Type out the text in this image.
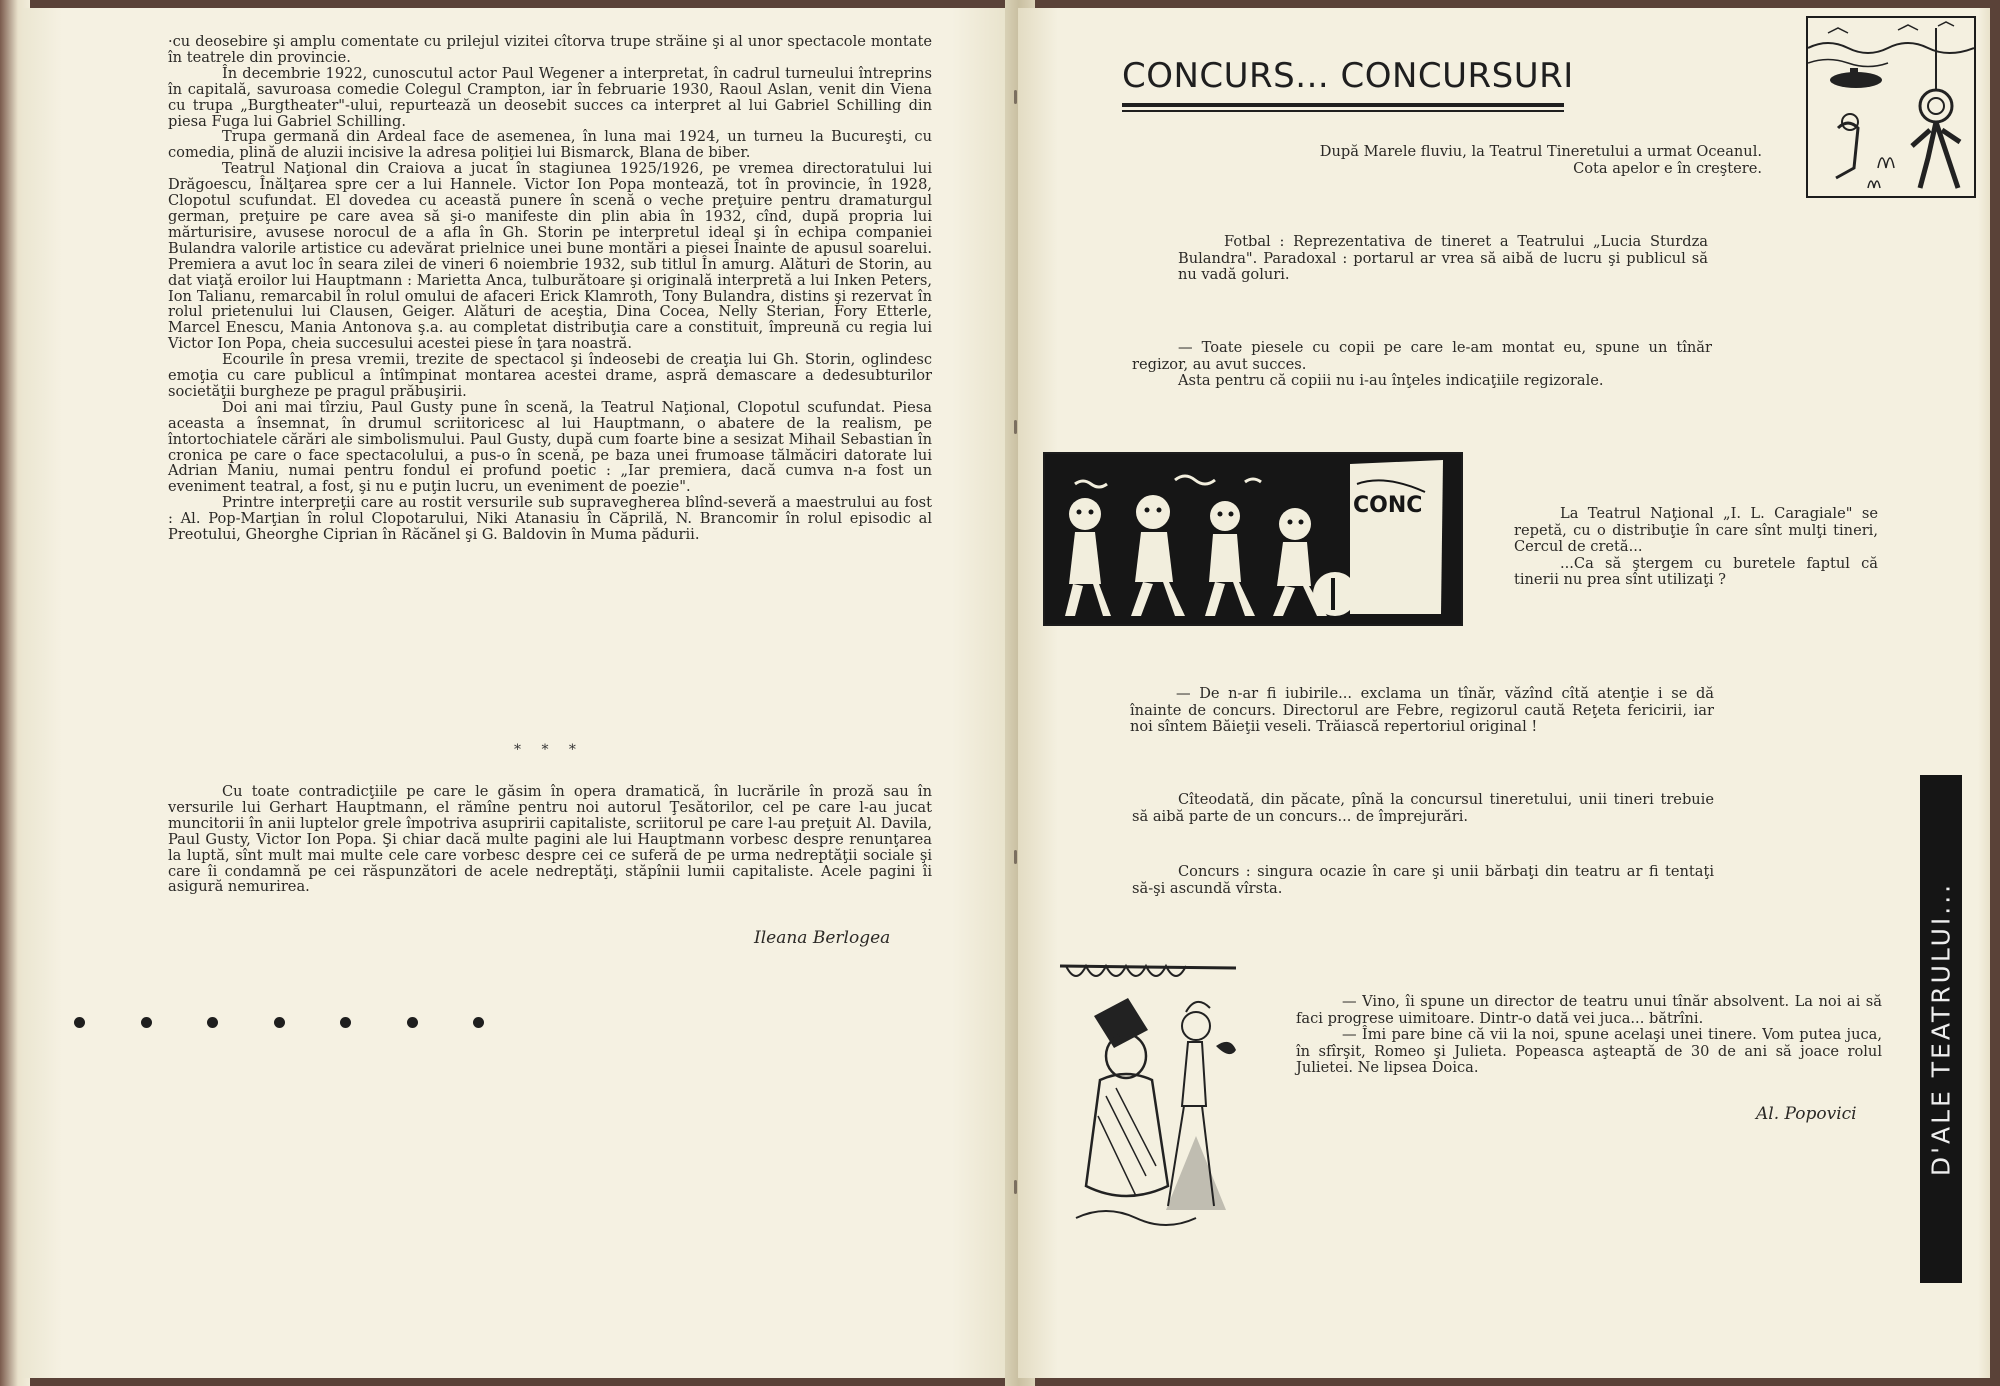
·cu deosebire şi amplu comentate cu prilejul vizitei cîtorva trupe străine şi al unor spectacole montate în teatrele din provincie.

În decembrie 1922, cunoscutul actor Paul Wegener a interpretat, în cadrul turneului întreprins în capitală, savuroasa comedie Colegul Crampton, iar în februarie 1930, Raoul Aslan, venit din Viena cu trupa „Burgtheater"-ului, repurtează un deosebit succes ca interpret al lui Gabriel Schilling din piesa Fuga lui Gabriel Schilling.

Trupa germană din Ardeal face de asemenea, în luna mai 1924, un turneu la Bucureşti, cu comedia, plină de aluzii incisive la adresa poliţiei lui Bismarck, Blana de biber.

Teatrul Naţional din Craiova a jucat în stagiunea 1925/1926, pe vremea directoratului lui Drăgoescu, Înălţarea spre cer a lui Hannele. Victor Ion Popa montează, tot în provincie, în 1928, Clopotul scufundat. El dovedea cu această punere în scenă o veche preţuire pentru dramaturgul german, preţuire pe care avea să şi-o manifeste din plin abia în 1932, cînd, după propria lui mărturisire, avusese norocul de a afla în Gh. Storin pe interpretul ideal şi în echipa companiei Bulandra valorile artistice cu adevărat prielnice unei bune montări a piesei Înainte de apusul soarelui. Premiera a avut loc în seara zilei de vineri 6 noiembrie 1932, sub titlul În amurg. Alături de Storin, au dat viaţă eroilor lui Hauptmann : Marietta Anca, tulburătoare şi originală interpretă a lui Inken Peters, Ion Talianu, remarcabil în rolul omului de afaceri Erick Klamroth, Tony Bulandra, distins şi rezervat în rolul prietenului lui Clausen, Geiger. Alături de aceştia, Dina Cocea, Nelly Sterian, Fory Etterle, Marcel Enescu, Mania Antonova ş.a. au completat distribuţia care a constituit, împreună cu regia lui Victor Ion Popa, cheia succesului acestei piese în ţara noastră.

Ecourile în presa vremii, trezite de spectacol şi îndeosebi de creaţia lui Gh. Storin, oglindesc emoţia cu care publicul a întîmpinat montarea acestei drame, aspră demascare a dedesubturilor societăţii burgheze pe pragul prăbuşirii.

Doi ani mai tîrziu, Paul Gusty pune în scenă, la Teatrul Naţional, Clopotul scufundat. Piesa aceasta a însemnat, în drumul scriitoricesc al lui Hauptmann, o abatere de la realism, pe întortochiatele cărări ale simbolismului. Paul Gusty, după cum foarte bine a sesizat Mihail Sebastian în cronica pe care o face spectacolului, a pus-o în scenă, pe baza unei frumoase tălmăciri datorate lui Adrian Maniu, numai pentru fondul ei profund poetic : „Iar premiera, dacă cumva n-a fost un eveniment teatral, a fost, şi nu e puţin lucru, un eveniment de poezie".

Printre interpreţii care au rostit versurile sub supravegherea blînd-severă a maestrului au fost : Al. Pop-Marţian în rolul Clopotarului, Niki Atanasiu în Căprilă, N. Brancomir în rolul episodic al Preotului, Gheorghe Ciprian în Răcănel şi G. Baldovin în Muma pădurii.

* * *

Cu toate contradicţiile pe care le găsim în opera dramatică, în lucrările în proză sau în versurile lui Gerhart Hauptmann, el rămîne pentru noi autorul Ţesătorilor, cel pe care l-au jucat muncitorii în anii luptelor grele împotriva asupririi capitaliste, scriitorul pe care l-au preţuit Al. Davila, Paul Gusty, Victor Ion Popa. Şi chiar dacă multe pagini ale lui Hauptmann vorbesc despre renunţarea la luptă, sînt mult mai multe cele care vorbesc despre cei ce suferă de pe urma nedreptăţii sociale şi care îi condamnă pe cei răspunzători de acele nedreptăţi, stăpînii lumii capitaliste. Acele pagini îi asigură nemurirea.

Ileana Berlogea
CONCURS... CONCURSURI

După Marele fluviu, la Teatrul Tineretului a urmat Oceanul. Cota apelor e în creştere.

Fotbal : Reprezentativa de tineret a Teatrului „Lucia Sturdza Bulandra". Paradoxal : portarul ar vrea să aibă de lucru şi publicul să nu vadă goluri.

— Toate piesele cu copii pe care le-am montat eu, spune un tînăr regizor, au avut succes.

Asta pentru că copiii nu i-au înţeles indicaţiile regizorale.

CONC	La Teatrul Naţional „I. L. Caragiale" se repetă, cu o distribuţie în care sînt mulţi tineri, Cercul de cretă...

...Ca să ştergem cu buretele faptul că tinerii nu prea sînt utilizaţi ?

— De n-ar fi iubirile... exclama un tînăr, văzînd cîtă atenţie i se dă înainte de concurs. Directorul are Febre, regizorul caută Reţeta fericirii, iar noi sîntem Băieţii veseli. Trăiască repertoriul original !

Cîteodată, din păcate, pînă la concursul tineretului, unii tineri trebuie să aibă parte de un concurs... de împrejurări.

Concurs : singura ocazie în care şi unii bărbaţi din teatru ar fi tentaţi să-şi ascundă vîrsta.

— Vino, îi spune un director de teatru unui tînăr absolvent. La noi ai să faci progrese uimitoare. Dintr-o dată vei juca... bătrîni.

— Îmi pare bine că vii la noi, spune acelaşi unei tinere. Vom putea juca, în sfîrşit, Romeo şi Julieta. Popeasca aşteaptă de 30 de ani să joace rolul Julietei. Ne lipsea Doica.

Al. Popovici	D'ALE TEATRULUI...
